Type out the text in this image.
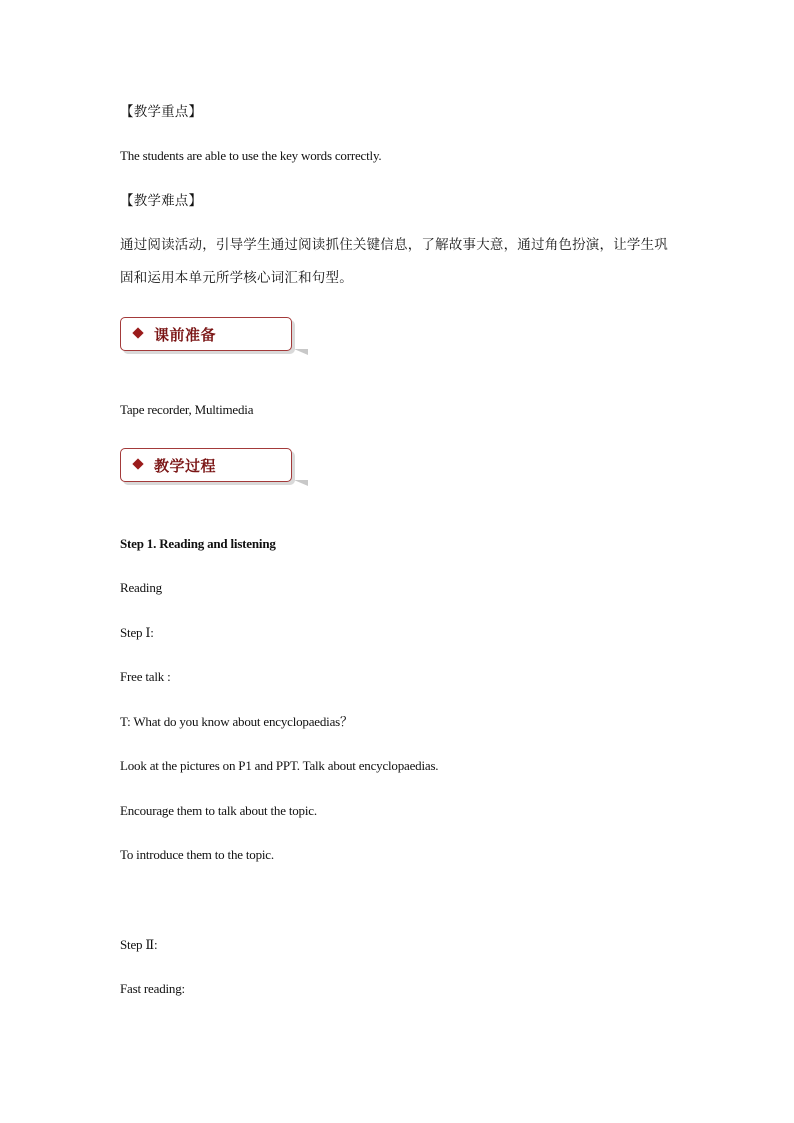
【教学重点】
The students are able to use the key words correctly.
【教学难点】
通过阅读活动，引导学生通过阅读抓住关键信息，了解故事大意，通过角色扮演，让学生巩
固和运用本单元所学核心词汇和句型。
课前准备
Tape recorder, Multimedia
教学过程
Step 1. Reading and listening
Reading
Step Ⅰ:
Free talk :
T: What do you know about encyclopaedias？
Look at the pictures on P1 and PPT. Talk about encyclopaedias.
Encourage them to talk about the topic.
To introduce them to the topic.
Step Ⅱ:
Fast reading:
